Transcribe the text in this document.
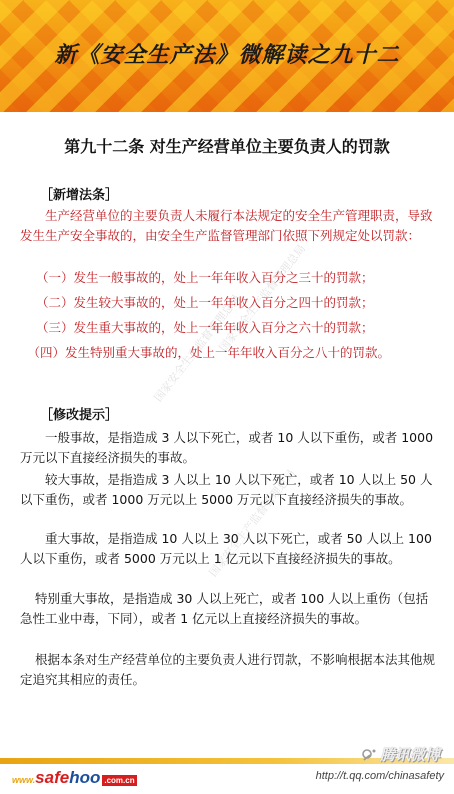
新《安全生产法》微解读之九十二
第九十二条 对生产经营单位主要负责人的罚款
［新增法条］
生产经营单位的主要负责人未履行本法规定的安全生产管理职责，导致发生生产安全事故的，由安全生产监督管理部门依照下列规定处以罚款：
（一）发生一般事故的，处上一年年收入百分之三十的罚款；
（二）发生较大事故的，处上一年年收入百分之四十的罚款；
（三）发生重大事故的，处上一年年收入百分之六十的罚款；
（四）发生特别重大事故的，处上一年年收入百分之八十的罚款。
［修改提示］
一般事故，是指造成 3 人以下死亡，或者 10 人以下重伤，或者 1000 万元以下直接经济损失的事故。
较大事故，是指造成 3 人以上 10 人以下死亡，或者 10 人以上 50 人以下重伤，或者 1000 万元以上 5000 万元以下直接经济损失的事故。
重大事故，是指造成 10 人以上 30 人以下死亡，或者 50 人以上 100 人以下重伤，或者 5000 万元以上 1 亿元以下直接经济损失的事故。
特别重大事故，是指造成 30 人以上死亡，或者 100 人以上重伤（包括急性工业中毒，下同），或者 1 亿元以上直接经济损失的事故。
根据本条对生产经营单位的主要负责人进行罚款，不影响根据本法其他规定追究其相应的责任。
国家安全生产监督管理总局
国家安全生产监督管理总局
国家安全生产监督管理总局
www.safehoo .com.cn
腾讯微博
http://t.qq.com/chinasafety
